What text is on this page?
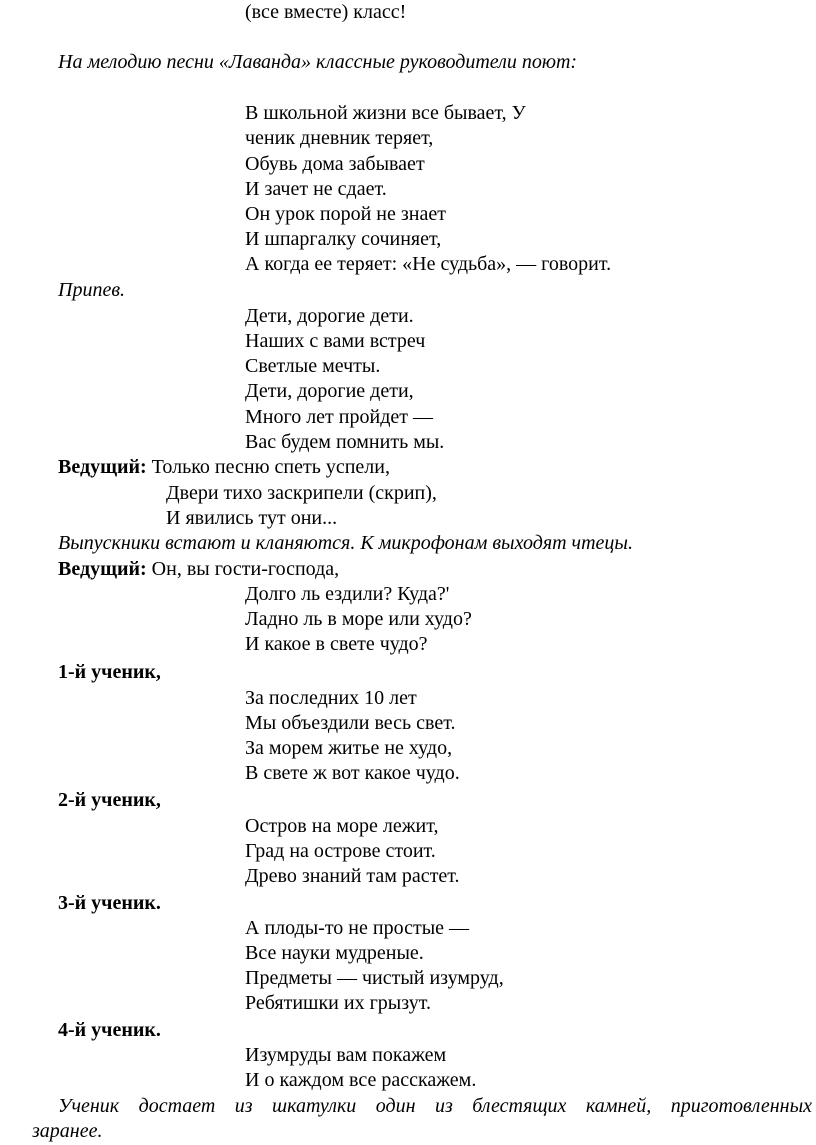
(все вместе) класс!
На мелодию песни «Лаванда» классные руководители поют:
В школьной жизни все бывает, У
ченик дневник теряет,
Обувь дома забывает
И зачет не сдает.
Он урок порой не знает
И шпаргалку сочиняет,
А когда ее теряет: «Не судьба», — говорит.
Припев.
Дети, дорогие дети.
Наших с вами встреч
Светлые мечты.
Дети, дорогие дети,
Много лет пройдет —
Вас будем помнить мы.
Ведущий: Только песню спеть успели,
Двери тихо заскрипели (скрип),
И явились тут они...
Выпускники встают и кланяются. К микрофонам выходят чтецы.
Ведущий: Он, вы гости-господа,
Долго ль ездили? Куда?'
Ладно ль в море или худо?
И какое в свете чудо?
1-й ученик,
За последних 10 лет
Мы объездили весь свет.
За морем житье не худо,
В свете ж вот какое чудо.
2-й ученик,
Остров на море лежит,
Град на острове стоит.
Древо знаний там растет.
3-й ученик.
А плоды-то не простые —
Все науки мудреные.
Предметы — чистый изумруд,
Ребятишки их грызут.
4-й ученик.
Изумруды вам покажем
И о каждом все расскажем.
Ученик достает из шкатулки один из блестящих камней, приготовленных
заранее.
